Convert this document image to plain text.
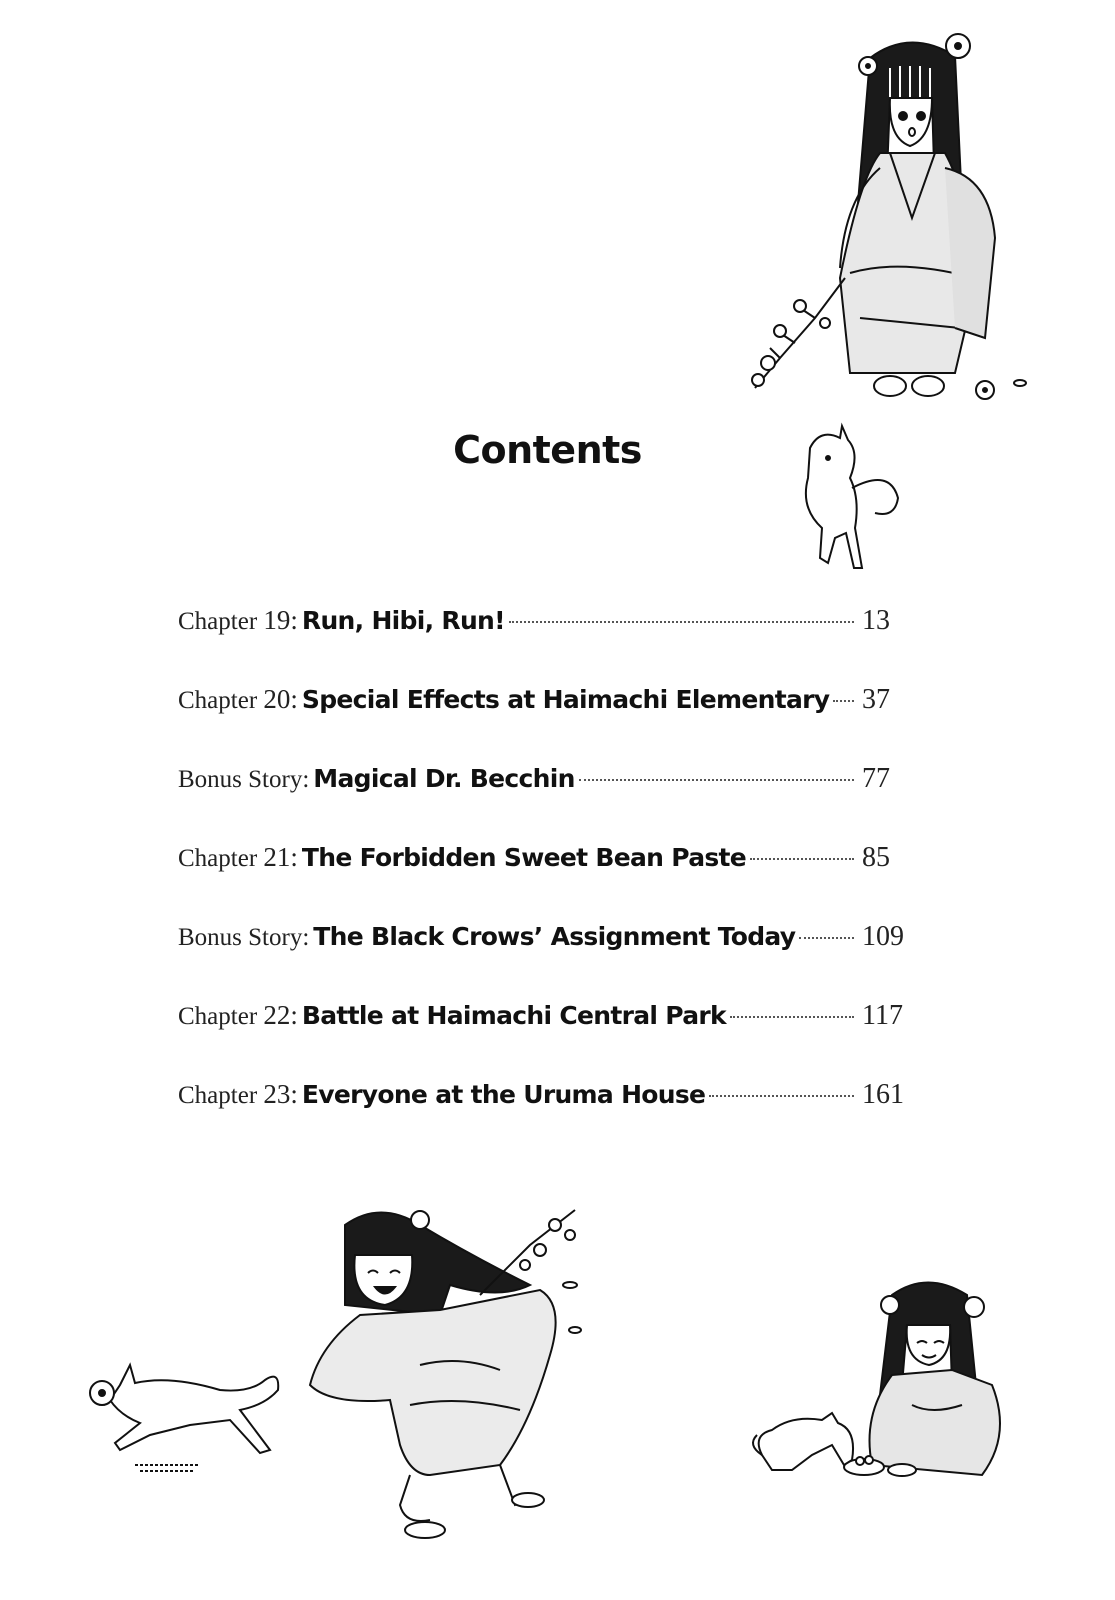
Contents
Chapter 19: Run, Hibi, Run!	13
Chapter 20: Special Effects at Haimachi Elementary 37
Bonus Story: Magical Dr. Becchin	77
Chapter 21: The Forbidden Sweet Bean Paste	85
Bonus Story: The Black Crows’ Assignment Today 109
Chapter 22: Battle at Haimachi Central Park	117
Chapter 23: Everyone at the Uruma House	161
